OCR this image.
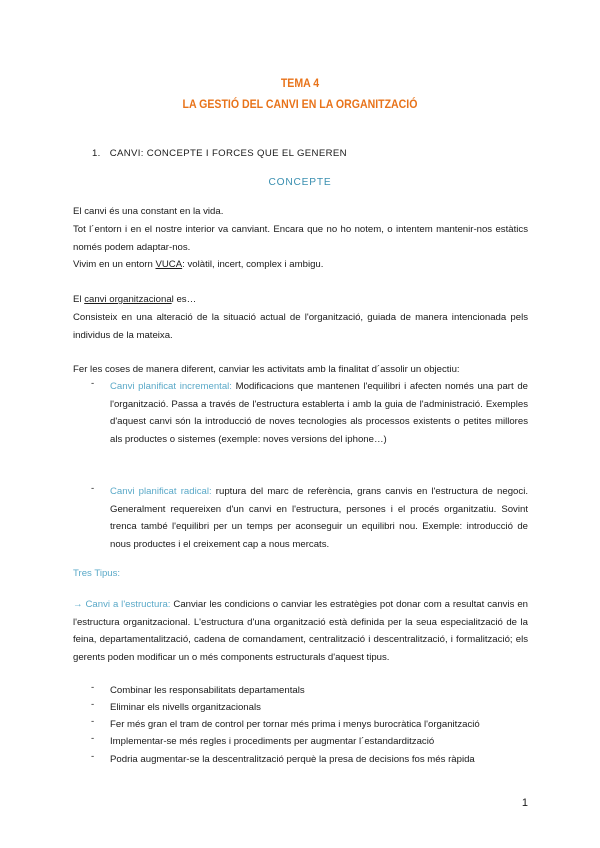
TEMA 4
LA GESTIÓ DEL CANVI EN LA ORGANITZACIÓ
1. CANVI: CONCEPTE I FORCES QUE EL GENEREN
CONCEPTE
El canvi és una constant en la vida.
Tot l´entorn i en el nostre interior va canviant. Encara que no ho notem, o intentem mantenir-nos estàtics només podem adaptar-nos.
Vivim en un entorn VUCA: volàtil, incert, complex i ambigu.
El canvi organitzacional es…
Consisteix en una alteració de la situació actual de l'organització, guiada de manera intencionada pels individus de la mateixa.
Fer les coses de manera diferent, canviar les activitats amb la finalitat d´assolir un objectiu:
- Canvi planificat incremental: Modificacions que mantenen l'equilibri i afecten només una part de l'organització. Passa a través de l'estructura establerta i amb la guia de l'administració. Exemples d'aquest canvi són la introducció de noves tecnologies als processos existents o petites millores als productes o sistemes (exemple: noves versions del iphone…)
- Canvi planificat radical: ruptura del marc de referència, grans canvis en l'estructura de negoci. Generalment requereixen d'un canvi en l'estructura, persones i el procés organitzatiu. Sovint trenca també l'equilibri per un temps per aconseguir un equilibri nou. Exemple: introducció de nous productes i el creixement cap a nous mercats.
Tres Tipus:
→ Canvi a l'estructura: Canviar les condicions o canviar les estratègies pot donar com a resultat canvis en l'estructura organitzacional. L'estructura d'una organització està definida per la seua especialització de la feina, departamentalització, cadena de comandament, centralització i descentralització, i formalització; els gerents poden modificar un o més components estructurals d'aquest tipus.
- Combinar les responsabilitats departamentals
- Eliminar els nivells organitzacionals
- Fer més gran el tram de control per tornar més prima i menys burocràtica l'organització
- Implementar-se més regles i procediments per augmentar l´estandardització
- Podria augmentar-se la descentralització perquè la presa de decisions fos més ràpida
1
